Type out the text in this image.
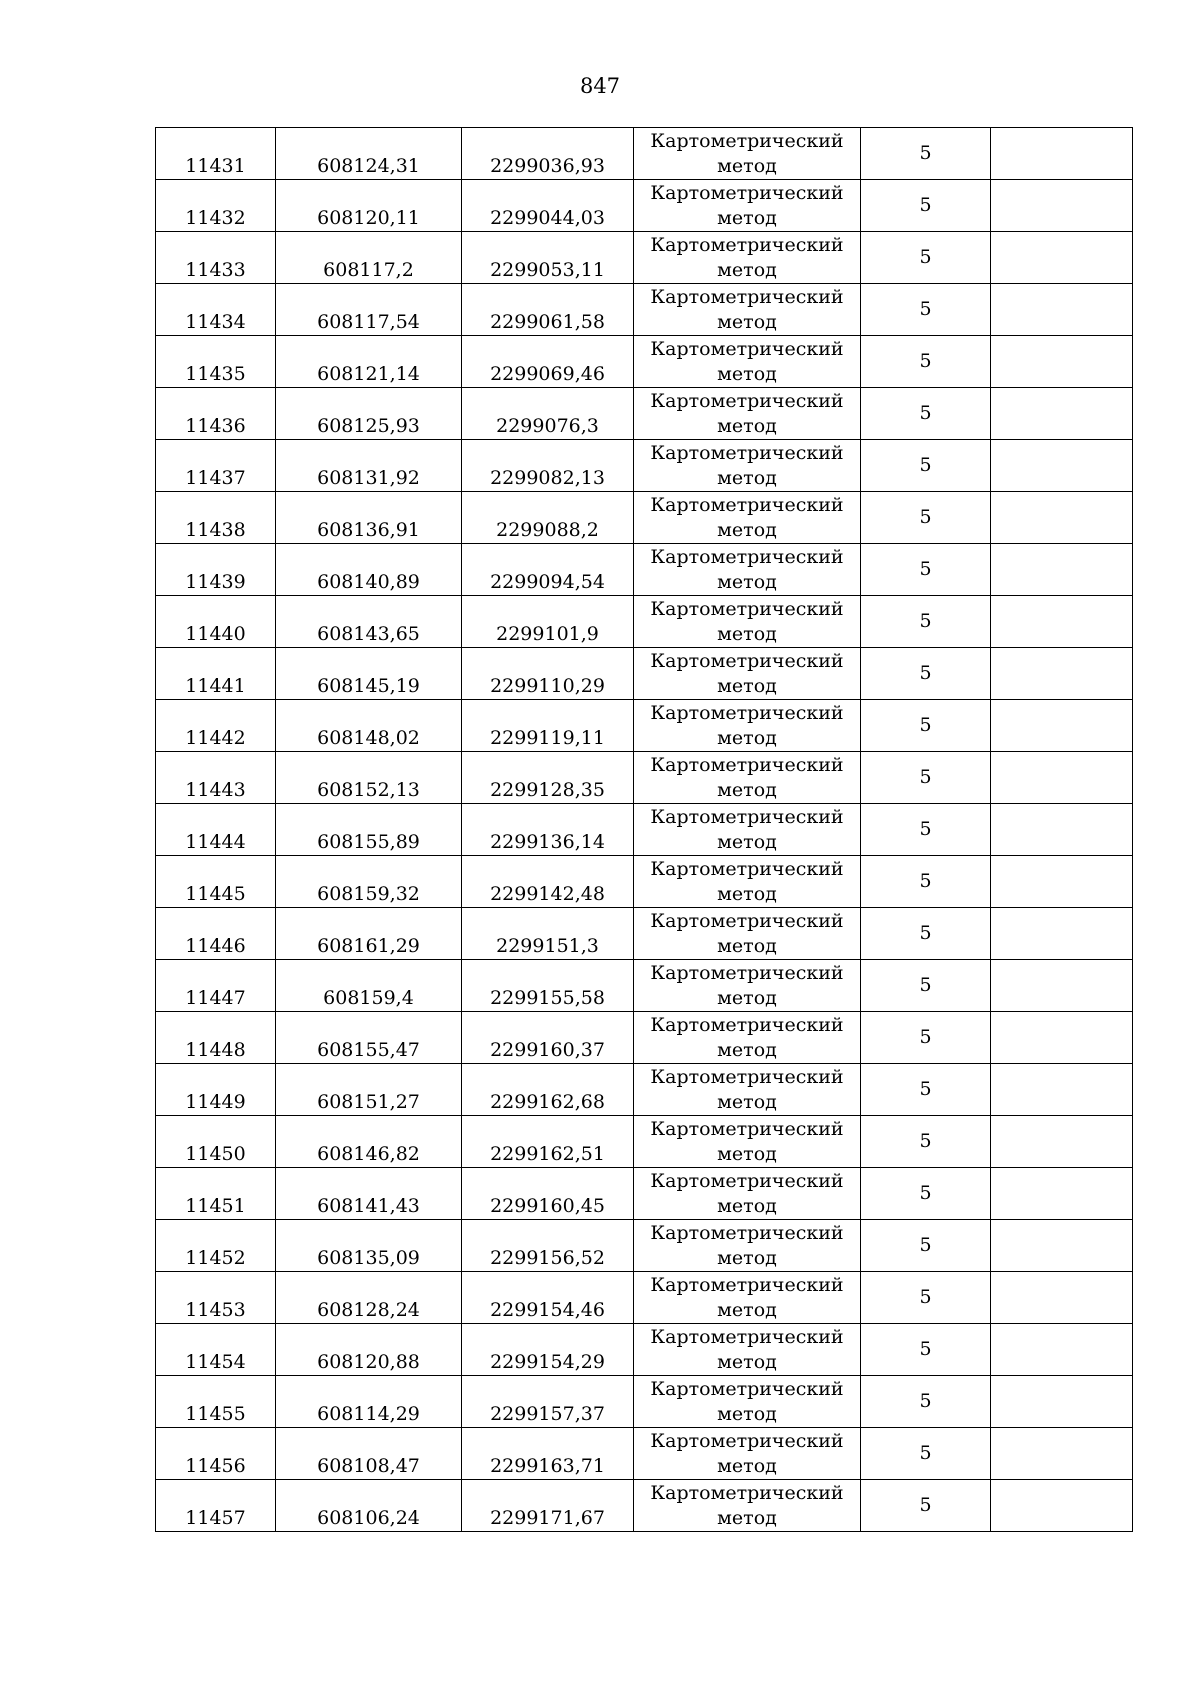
847
11431	608124,31	2299036,93	Картометрический метод	5	
11432	608120,11	2299044,03	Картометрический метод	5	
11433	608117,2	2299053,11	Картометрический метод	5	
11434	608117,54	2299061,58	Картометрический метод	5	
11435	608121,14	2299069,46	Картометрический метод	5	
11436	608125,93	2299076,3	Картометрический метод	5	
11437	608131,92	2299082,13	Картометрический метод	5	
11438	608136,91	2299088,2	Картометрический метод	5	
11439	608140,89	2299094,54	Картометрический метод	5	
11440	608143,65	2299101,9	Картометрический метод	5	
11441	608145,19	2299110,29	Картометрический метод	5	
11442	608148,02	2299119,11	Картометрический метод	5	
11443	608152,13	2299128,35	Картометрический метод	5	
11444	608155,89	2299136,14	Картометрический метод	5	
11445	608159,32	2299142,48	Картометрический метод	5	
11446	608161,29	2299151,3	Картометрический метод	5	
11447	608159,4	2299155,58	Картометрический метод	5	
11448	608155,47	2299160,37	Картометрический метод	5	
11449	608151,27	2299162,68	Картометрический метод	5	
11450	608146,82	2299162,51	Картометрический метод	5	
11451	608141,43	2299160,45	Картометрический метод	5	
11452	608135,09	2299156,52	Картометрический метод	5	
11453	608128,24	2299154,46	Картометрический метод	5	
11454	608120,88	2299154,29	Картометрический метод	5	
11455	608114,29	2299157,37	Картометрический метод	5	
11456	608108,47	2299163,71	Картометрический метод	5	
11457	608106,24	2299171,67	Картометрический метод	5	
